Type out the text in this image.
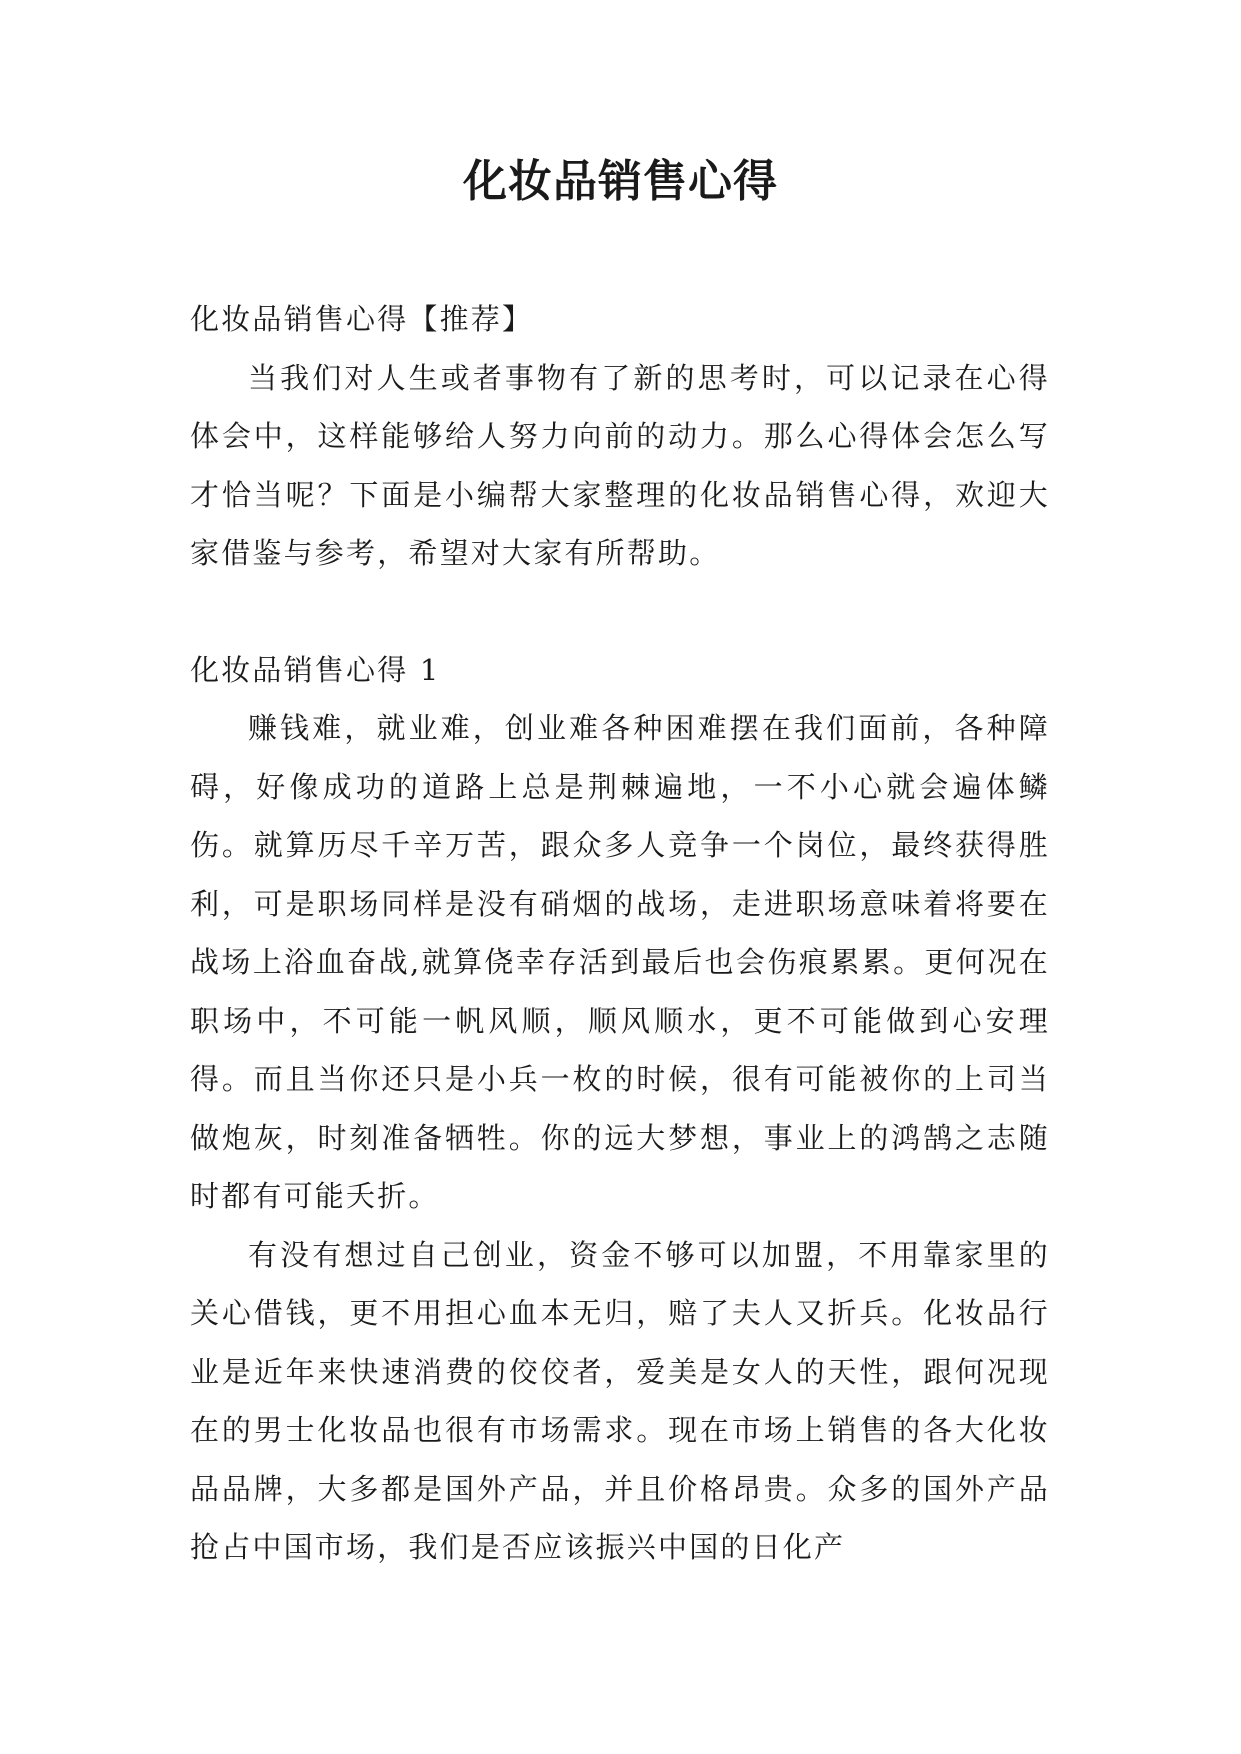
化妆品销售心得

化妆品销售心得【推荐】

当我们对人生或者事物有了新的思考时，可以记录在心得体会中，这样能够给人努力向前的动力。那么心得体会怎么写才恰当呢？下面是小编帮大家整理的化妆品销售心得，欢迎大家借鉴与参考，希望对大家有所帮助。

化妆品销售心得 1

赚钱难，就业难，创业难各种困难摆在我们面前，各种障碍，好像成功的道路上总是荆棘遍地，一不小心就会遍体鳞伤。就算历尽千辛万苦，跟众多人竞争一个岗位，最终获得胜利，可是职场同样是没有硝烟的战场，走进职场意味着将要在战场上浴血奋战,就算侥幸存活到最后也会伤痕累累。更何况在职场中，不可能一帆风顺，顺风顺水，更不可能做到心安理得。而且当你还只是小兵一枚的时候，很有可能被你的上司当做炮灰，时刻准备牺牲。你的远大梦想，事业上的鸿鹄之志随时都有可能夭折。

有没有想过自己创业，资金不够可以加盟，不用靠家里的关心借钱，更不用担心血本无归，赔了夫人又折兵。化妆品行业是近年来快速消费的佼佼者，爱美是女人的天性，跟何况现在的男士化妆品也很有市场需求。现在市场上销售的各大化妆品品牌，大多都是国外产品，并且价格昂贵。众多的国外产品抢占中国市场，我们是否应该振兴中国的日化产
